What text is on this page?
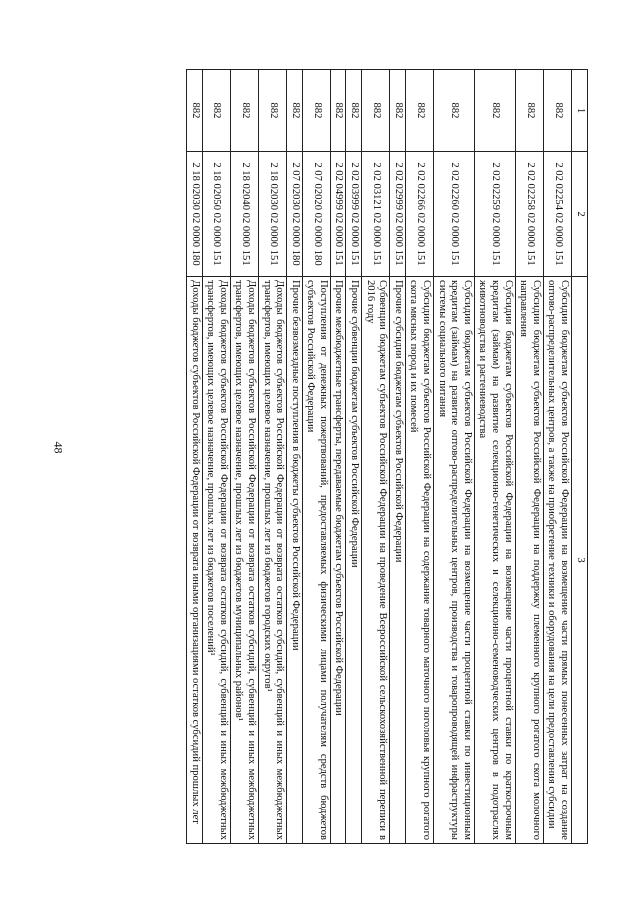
48
1	2	3
882	2 02 02254 02 0000 151	Субсидии бюджетам субъектов Российской Федерации на возмещение части прямых понесенных затрат на создание оптово-распределительных центров, а также на приобретение техники и оборудования на цели предоставления субсидии
882	2 02 02258 02 0000 151	Субсидии бюджетам субъектов Российской Федерации на поддержку племенного крупного рогатого скота молочного направления
882	2 02 02259 02 0000 151	Субсидии бюджетам субъектов Российской Федерации на возмещение части процентной ставки по краткосрочным кредитам (займам) на развитие селекционно-генетических и селекционно-семеноводческих центров в подотраслях животноводства и растениеводства
882	2 02 02260 02 0000 151	Субсидии бюджетам субъектов Российской Федерации на возмещение части процентной ставки по инвестиционным кредитам (займам) на развитие оптово-распределительных центров, производства и товаропроводящей инфраструктуры системы социального питания
882	2 02 02266 02 0000 151	Субсидии бюджетам субъектов Российской Федерации на содержание товарного маточного поголовья крупного рогатого скота мясных пород и их помесей
882	2 02 02999 02 0000 151	Прочие субсидии бюджетам субъектов Российской Федерации
882	2 02 03121 02 0000 151	Субвенции бюджетам субъектов Российской Федерации на проведение Всероссийской сельскохозяйственной переписи в 2016 году
882	2 02 03999 02 0000 151	Прочие субвенции бюджетам субъектов Российской Федерации
882	2 02 04999 02 0000 151	Прочие межбюджетные трансферты, передаваемые бюджетам субъектов Российской Федерации
882	2 07 02020 02 0000 180	Поступления от денежных пожертвований, предоставляемых физическими лицами получателям средств бюджетов субъектов Российской Федерации
882	2 07 02030 02 0000 180	Прочие безвозмездные поступления в бюджеты субъектов Российской Федерации
882	2 18 02030 02 0000 151	Доходы бюджетов субъектов Российской Федерации от возврата остатков субсидий, субвенций и иных межбюджетных трансфертов, имеющих целевое назначение, прошлых лет из бюджетов городских округов¹
882	2 18 02040 02 0000 151	Доходы бюджетов субъектов Российской Федерации от возврата остатков субсидий, субвенций и иных межбюджетных трансфертов, имеющих целевое назначение, прошлых лет из бюджетов муниципальных районов¹
882	2 18 02050 02 0000 151	Доходы бюджетов субъектов Российской Федерации от возврата остатков субсидий, субвенций и иных межбюджетных трансфертов, имеющих целевое назначение, прошлых лет из бюджетов поселений¹
882	2 18 02030 02 0000 180	Доходы бюджетов субъектов Российской Федерации от возврата иными организациями остатков субсидий прошлых лет
